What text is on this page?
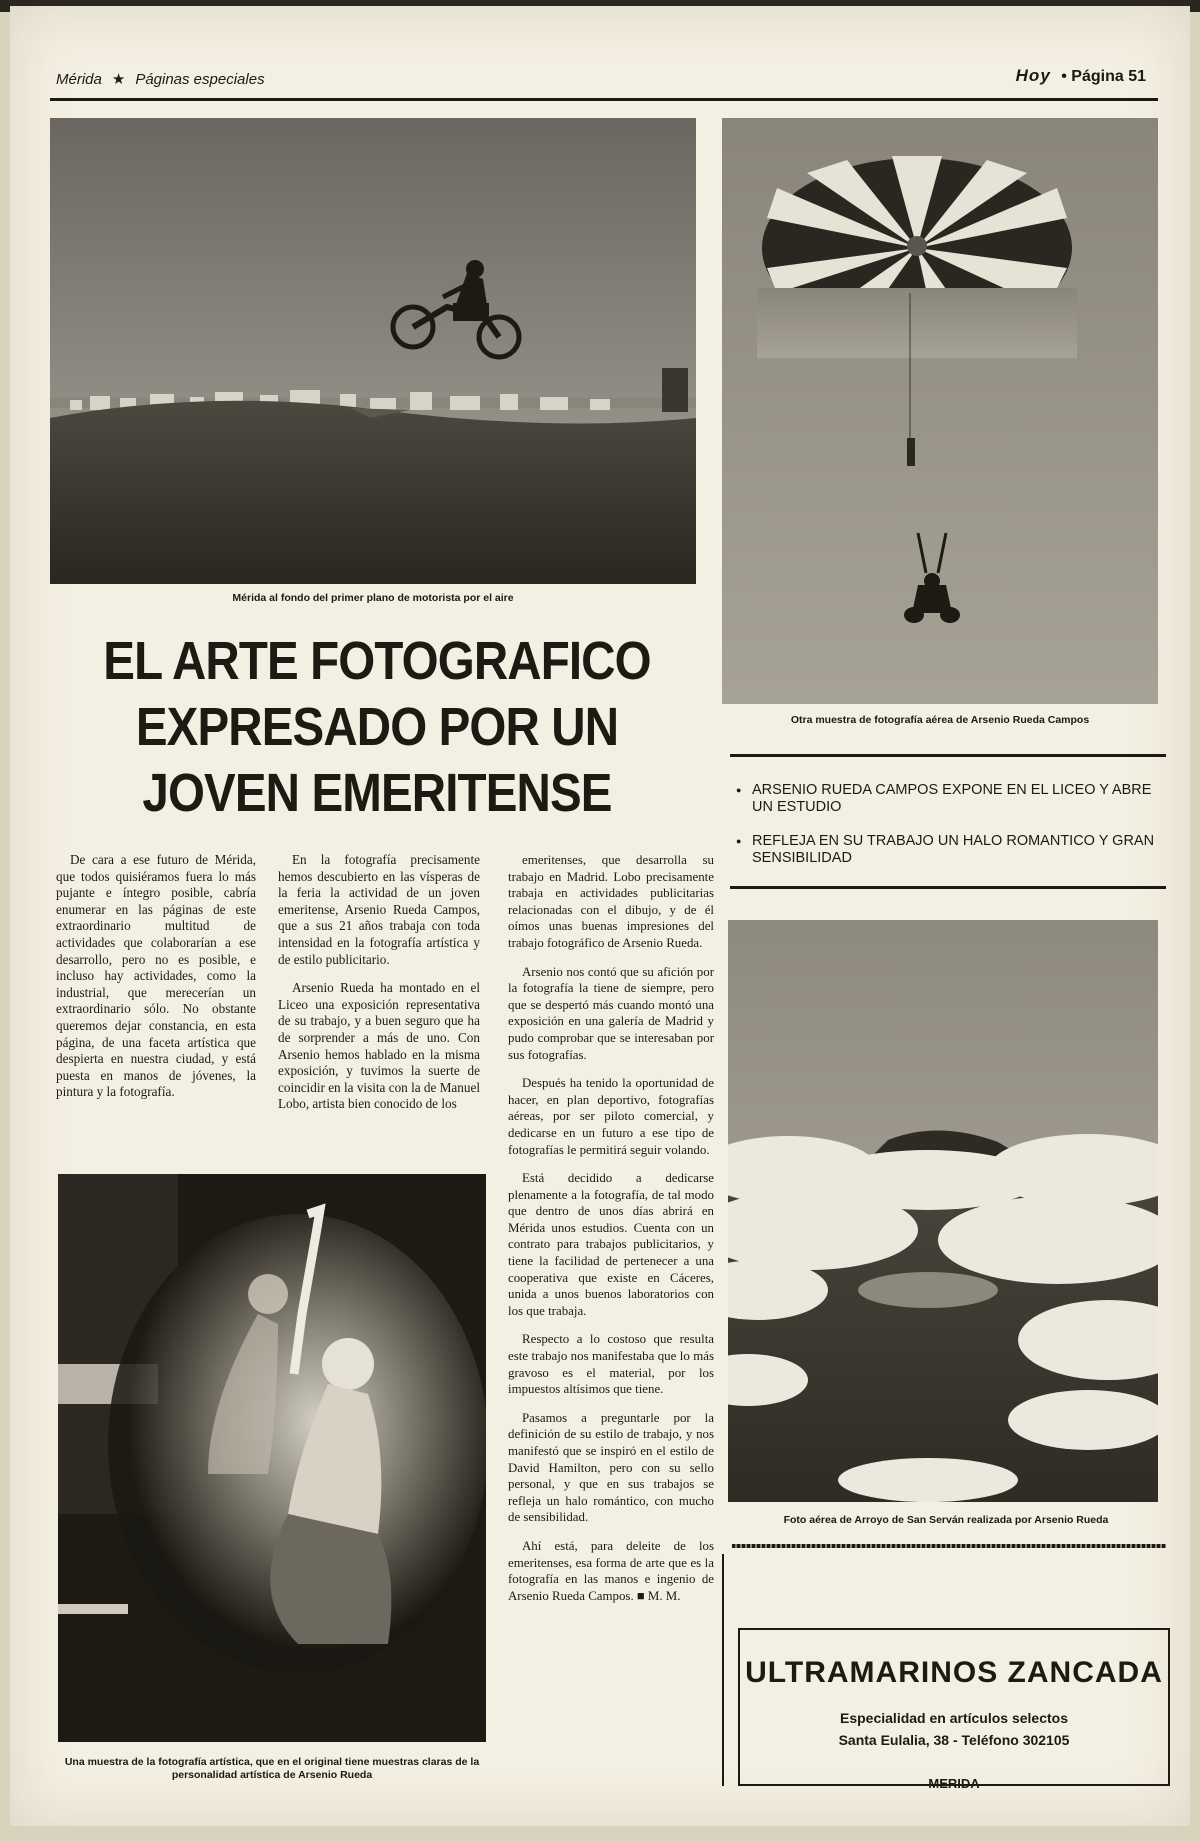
Mérida ★ Páginas especiales	Hoy • Página 51
Mérida al fondo del primer plano de motorista por el aire
Otra muestra de fotografía aérea de Arsenio Rueda Campos
● ARSENIO RUEDA CAMPOS EXPONE EN EL LICEO Y ABRE UN ESTUDIO
● REFLEJA EN SU TRABAJO UN HALO ROMANTICO Y GRAN SENSIBILIDAD
EL ARTE FOTOGRAFICO EXPRESADO POR UN JOVEN EMERITENSE

De cara a ese futuro de Mérida, que todos quisiéramos fuera lo más pujante e íntegro posible, cabría enumerar en las páginas de este extraordinario multitud de actividades que colaborarían a ese desarrollo, pero no es posible, e incluso hay actividades, como la industrial, que merecerían un extraordinario sólo. No obstante queremos dejar constancia, en esta página, de una faceta artística que despierta en nuestra ciudad, y está puesta en manos de jóvenes, la pintura y la fotografía.

En la fotografía precisamente hemos descubierto en las vísperas de la feria la actividad de un joven emeritense, Arsenio Rueda Campos, que a sus 21 años trabaja con toda intensidad en la fotografía artística y de estilo publicitario.

Arsenio Rueda ha montado en el Liceo una exposición representativa de su trabajo, y a buen seguro que ha de sorprender a más de uno. Con Arsenio hemos hablado en la misma exposición, y tuvimos la suerte de coincidir en la visita con la de Manuel Lobo, artista bien conocido de los

emeritenses, que desarrolla su trabajo en Madrid. Lobo precisamente trabaja en actividades publicitarias relacionadas con el dibujo, y de él oímos unas buenas impresiones del trabajo fotográfico de Arsenio Rueda.

Arsenio nos contó que su afición por la fotografía la tiene de siempre, pero que se despertó más cuando montó una exposición en una galería de Madrid y pudo comprobar que se interesaban por sus fotografías.

Después ha tenido la oportunidad de hacer, en plan deportivo, fotografías aéreas, por ser piloto comercial, y dedicarse en un futuro a ese tipo de fotografías le permitirá seguir volando.

Está decidido a dedicarse plenamente a la fotografía, de tal modo que dentro de unos días abrirá en Mérida unos estudios. Cuenta con un contrato para trabajos publicitarios, y tiene la facilidad de pertenecer a una cooperativa que existe en Cáceres, unida a unos buenos laboratorios con los que trabaja.

Respecto a lo costoso que resulta este trabajo nos manifestaba que lo más gravoso es el material, por los impuestos altísimos que tiene.

Pasamos a preguntarle por la definición de su estilo de trabajo, y nos manifestó que se inspiró en el estilo de David Hamilton, pero con su sello personal, y que en sus trabajos se refleja un halo romántico, con mucho de sensibilidad.

Ahí está, para deleite de los emeritenses, esa forma de arte que es la fotografía en las manos e ingenio de Arsenio Rueda Campos. ■ M. M.

Una muestra de la fotografía artística, que en el original tiene muestras claras de la personalidad artística de Arsenio Rueda
Foto aérea de Arroyo de San Serván realizada por Arsenio Rueda
ULTRAMARINOS ZANCADA
Especialidad en artículos selectos
Santa Eulalia, 38 - Teléfono 302105
MERIDA
